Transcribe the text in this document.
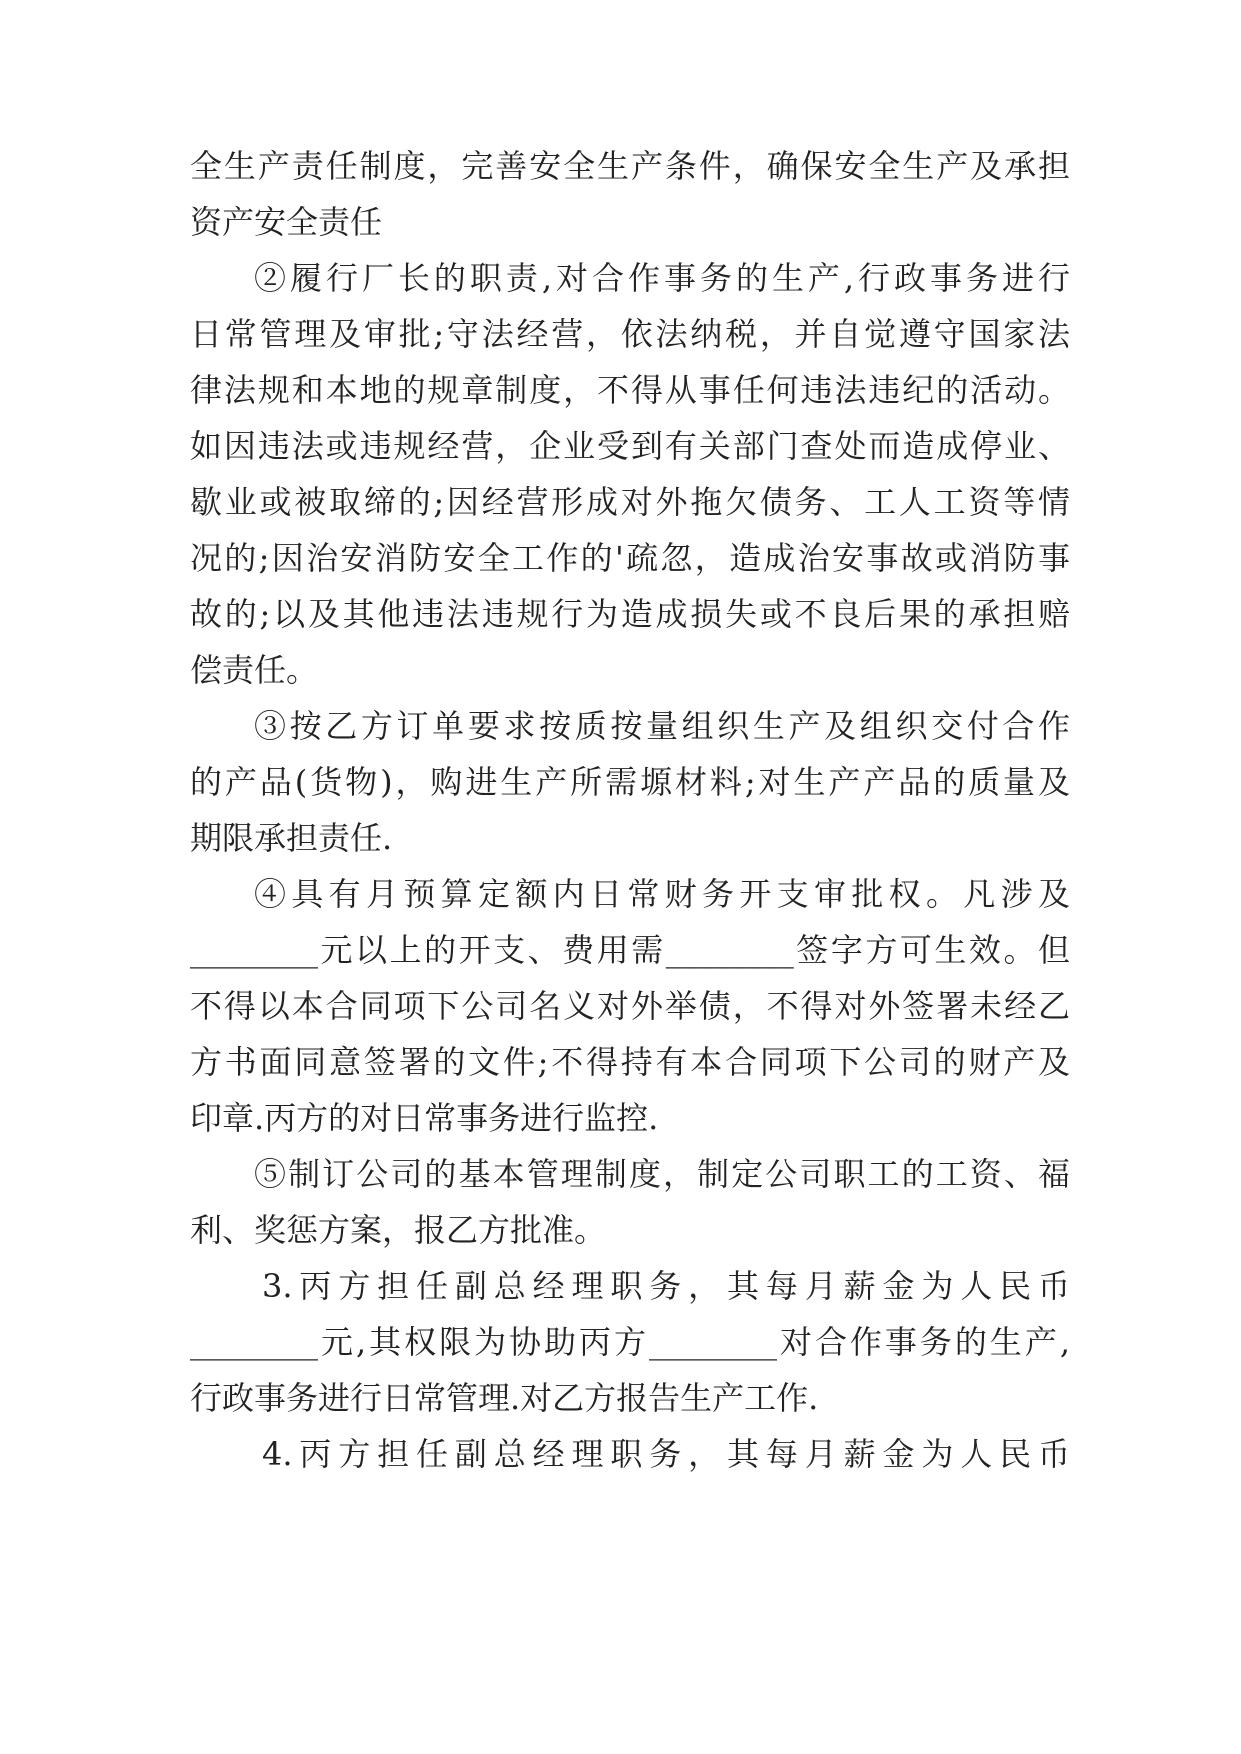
全生产责任制度，完善安全生产条件，确保安全生产及承担
资产安全责任
②履行厂长的职责,对合作事务的生产,行政事务进行
日常管理及审批;守法经营，依法纳税，并自觉遵守国家法
律法规和本地的规章制度，不得从事任何违法违纪的活动。
如因违法或违规经营，企业受到有关部门查处而造成停业、
歇业或被取缔的;因经营形成对外拖欠债务、工人工资等情
况的;因治安消防安全工作的'疏忽，造成治安事故或消防事
故的;以及其他违法违规行为造成损失或不良后果的承担赔
偿责任。
③按乙方订单要求按质按量组织生产及组织交付合作
的产品(货物)，购进生产所需塬材料;对生产产品的质量及
期限承担责任.
④具有月预算定额内日常财务开支审批权。凡涉及
________元以上的开支、费用需________签字方可生效。但
不得以本合同项下公司名义对外举债，不得对外签署未经乙
方书面同意签署的文件;不得持有本合同项下公司的财产及
印章.丙方的对日常事务进行监控.
⑤制订公司的基本管理制度，制定公司职工的工资、福
利、奖惩方案，报乙方批准。
3.丙方担任副总经理职务，其每月薪金为人民币
________元,其权限为协助丙方________对合作事务的生产,
行政事务进行日常管理.对乙方报告生产工作.
4.丙方担任副总经理职务，其每月薪金为人民币
